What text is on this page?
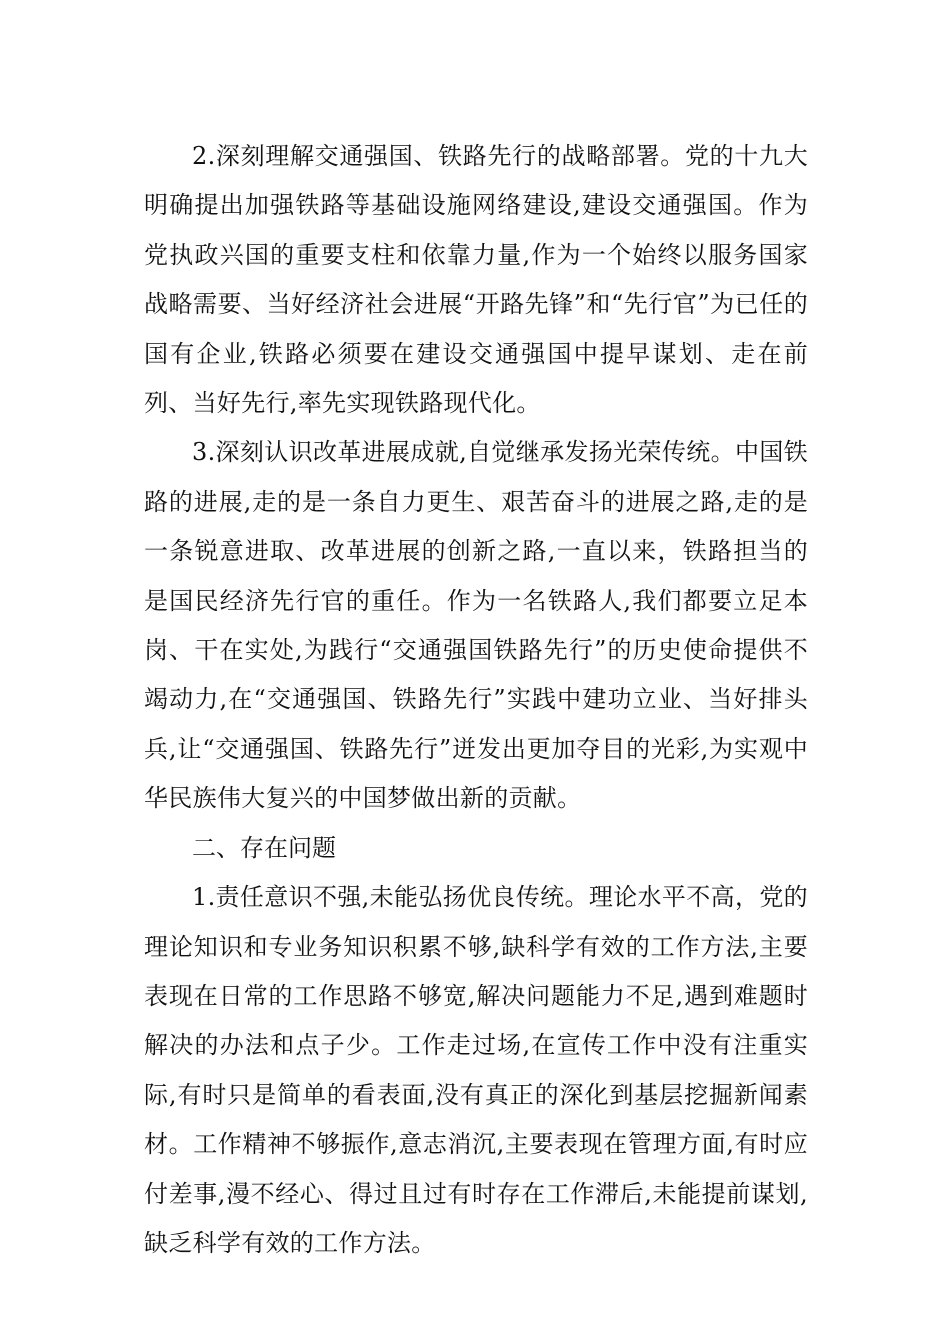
2.深刻理解交通强国、铁路先行的战略部署。党的十九大明确提出加强铁路等基础设施网络建设,建设交通强国。作为党执政兴国的重要支柱和依靠力量,作为一个始终以服务国家战略需要、当好经济社会进展“开路先锋”和“先行官”为已任的国有企业,铁路必须要在建设交通强国中提早谋划、走在前列、当好先行,率先实现铁路现代化。

3.深刻认识改革进展成就,自觉继承发扬光荣传统。中国铁路的进展,走的是一条自力更生、艰苦奋斗的进展之路,走的是一条锐意进取、改革进展的创新之路,一直以来，铁路担当的是国民经济先行官的重任。作为一名铁路人,我们都要立足本岗、干在实处,为践行“交通强国铁路先行”的历史使命提供不竭动力,在“交通强国、铁路先行”实践中建功立业、当好排头兵,让“交通强国、铁路先行”迸发出更加夺目的光彩,为实观中华民族伟大复兴的中国梦做出新的贡献。

二、存在问题

1.责任意识不强,未能弘扬优良传统。理论水平不高，党的理论知识和专业务知识积累不够,缺科学有效的工作方法,主要表现在日常的工作思路不够宽,解决问题能力不足,遇到难题时解决的办法和点子少。工作走过场,在宣传工作中没有注重实际,有时只是简单的看表面,没有真正的深化到基层挖掘新闻素材。工作精神不够振作,意志消沉,主要表现在管理方面,有时应付差事,漫不经心、得过且过有时存在工作滞后,未能提前谋划,缺乏科学有效的工作方法。
